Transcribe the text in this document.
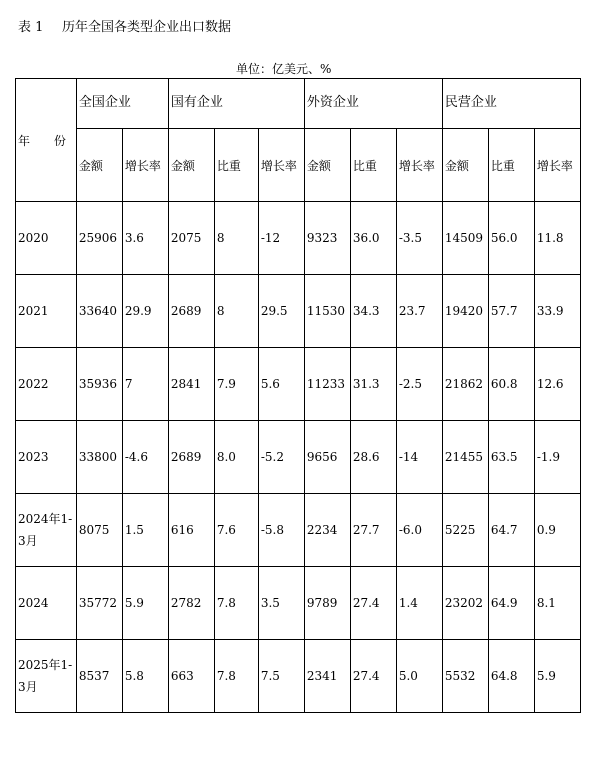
表 1 历年全国各类型企业出口数据
单位：亿美元、%
年 份	全国企业		国有企业			外资企业			民营企业		
	金额	增长率	金额	比重	增长率	金额	比重	增长率	金额	比重	增长率
2020	25906	3.6	2075	8	-12	9323	36.0	-3.5	14509	56.0	11.8
2021	33640	29.9	2689	8	29.5	11530	34.3	23.7	19420	57.7	33.9
2022	35936	7	2841	7.9	5.6	11233	31.3	-2.5	21862	60.8	12.6
2023	33800	-4.6	2689	8.0	-5.2	9656	28.6	-14	21455	63.5	-1.9
2024年1-3月	8075	1.5	616	7.6	-5.8	2234	27.7	-6.0	5225	64.7	0.9
2024	35772	5.9	2782	7.8	3.5	9789	27.4	1.4	23202	64.9	8.1
2025年1-3月	8537	5.8	663	7.8	7.5	2341	27.4	5.0	5532	64.8	5.9
